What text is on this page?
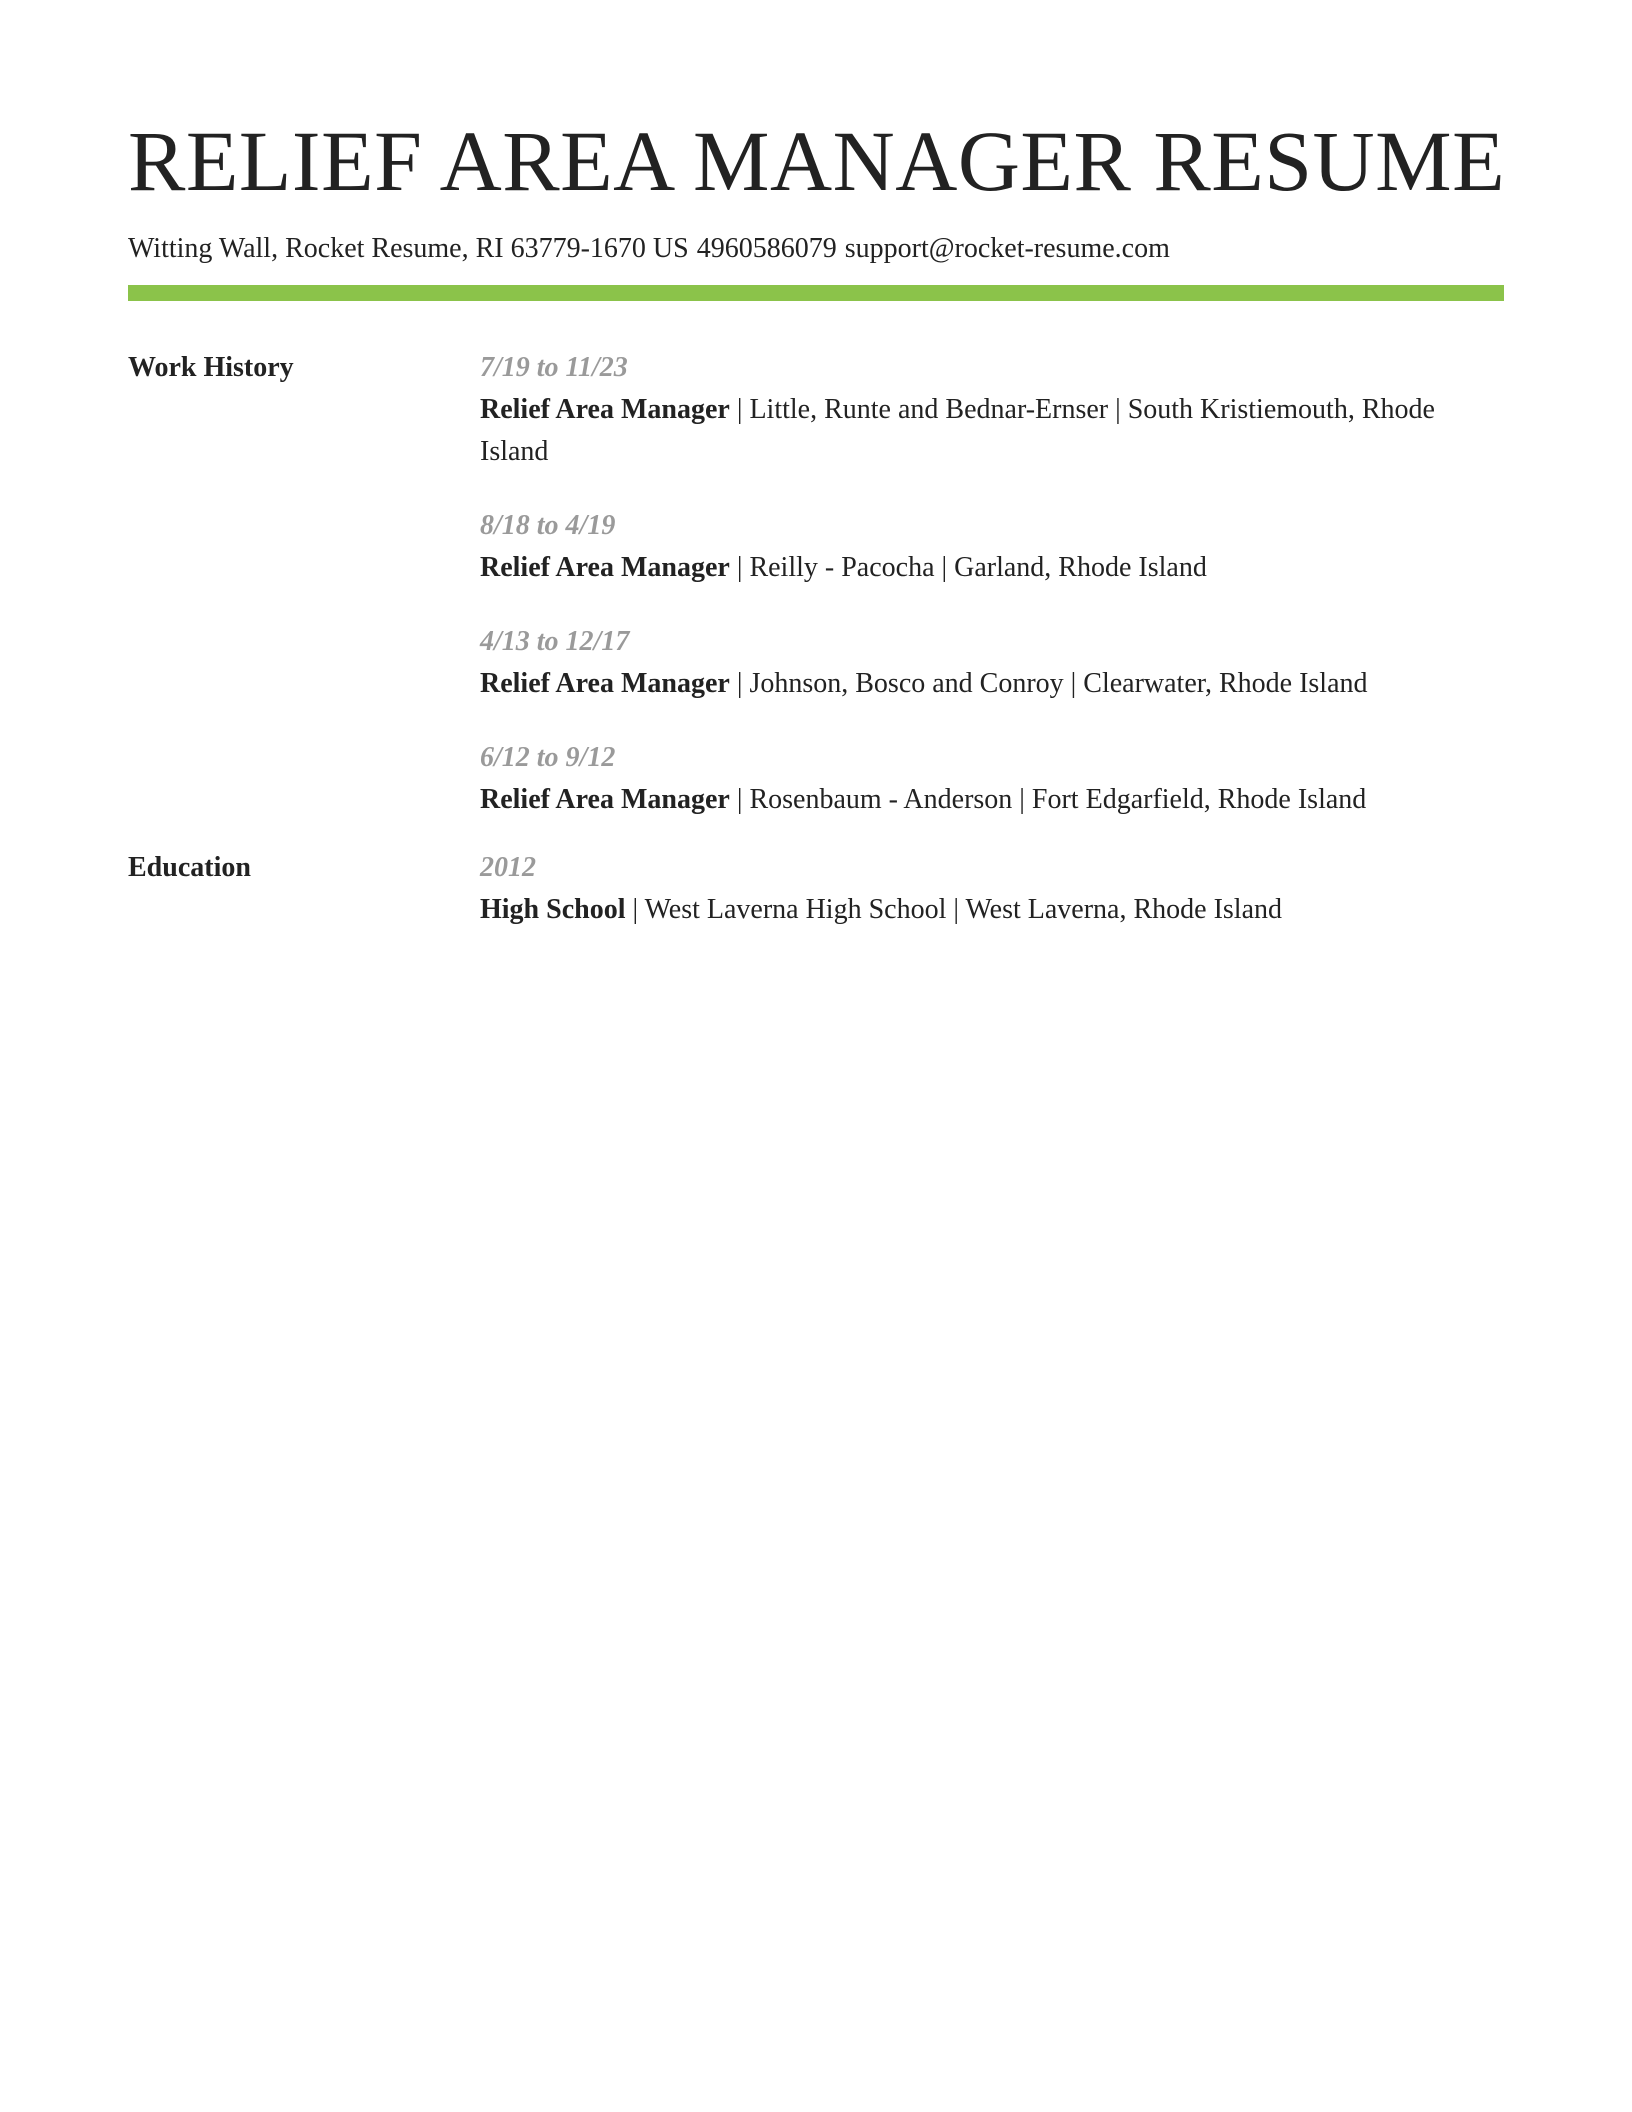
RELIEF AREA MANAGER RESUME
Witting Wall, Rocket Resume, RI 63779-1670 US 4960586079 support@rocket-resume.com
Work History	7/19 to 11/23
Relief Area Manager | Little, Runte and Bednar-Ernser | South Kristiemouth, Rhode Island
8/18 to 4/19
Relief Area Manager | Reilly - Pacocha | Garland, Rhode Island
4/13 to 12/17
Relief Area Manager | Johnson, Bosco and Conroy | Clearwater, Rhode Island
6/12 to 9/12
Relief Area Manager | Rosenbaum - Anderson | Fort Edgarfield, Rhode Island
Education	2012
High School | West Laverna High School | West Laverna, Rhode Island
